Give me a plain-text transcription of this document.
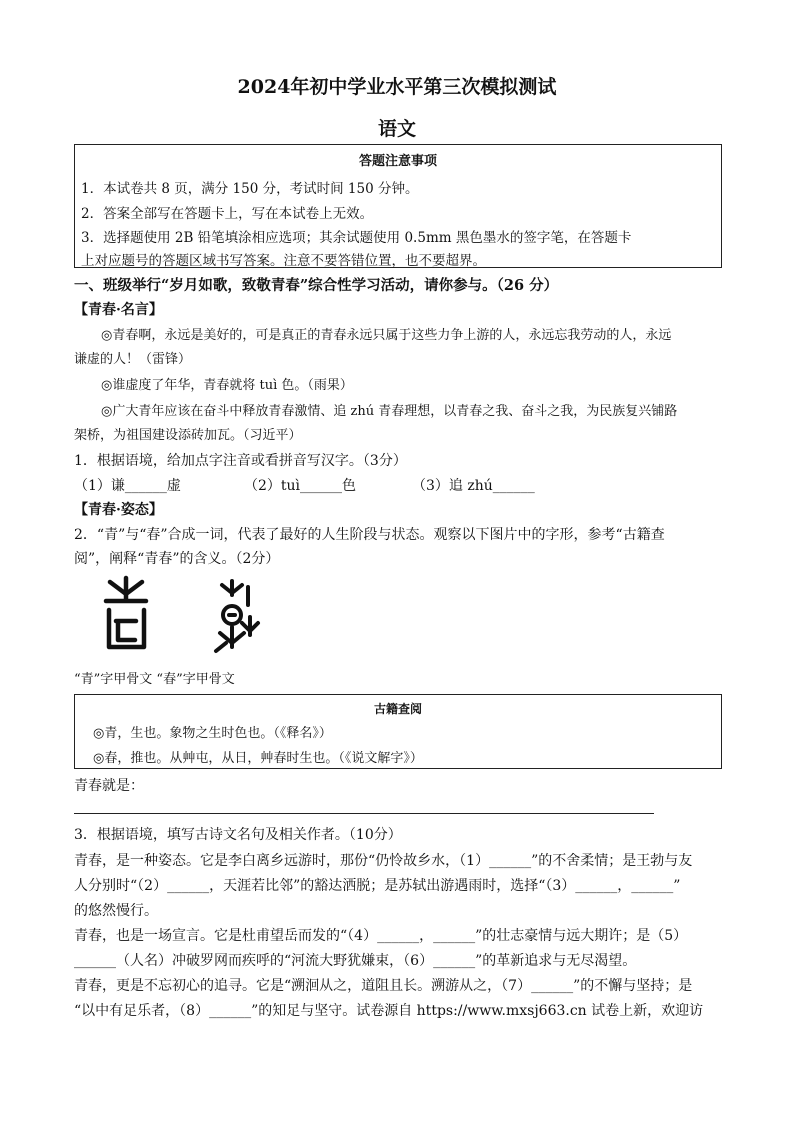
2024年初中学业水平第三次模拟测试
语文
答题注意事项
1．本试卷共 8 页，满分 150 分，考试时间 150 分钟。
2．答案全部写在答题卡上，写在本试卷上无效。
3．选择题使用 2B 铅笔填涂相应选项；其余试题使用 0.5mm 黑色墨水的签字笔，在答题卡
上对应题号的答题区域书写答案。注意不要答错位置，也不要超界。
一、班级举行“岁月如歌，致敬青春”综合性学习活动，请你参与。（26 分）
【青春·名言】
◎青春啊，永远是美好的，可是真正的青春永远只属于这些力争上游的人，永远忘我劳动的人，永远
谦虚的人！（雷锋）
◎谁虚度了年华，青春就将 tuì 色。（雨果）
◎广大青年应该在奋斗中释放青春激情、追 zhú 青春理想，以青春之我、奋斗之我，为民族复兴铺路
架桥，为祖国建设添砖加瓦。（习近平）
1．根据语境，给加点字注音或看拼音写汉字。（3分）
（1）谦______虚	（2）tuì______色	（3）追 zhú______
【青春·姿态】
2．“青”与“春”合成一词，代表了最好的人生阶段与状态。观察以下图片中的字形，参考“古籍查
阅”，阐释“青春”的含义。（2分）
“青”字甲骨文 “春”字甲骨文
古籍查阅
◎青，生也。象物之生时色也。（《释名》）
◎春，推也。从艸屯，从日，艸春时生也。（《说文解字》）
青春就是：
3．根据语境，填写古诗文名句及相关作者。（10分）
青春，是一种姿态。它是李白离乡远游时，那份“仍怜故乡水，（1）______”的不舍柔情；是王勃与友
人分别时“（2）______，天涯若比邻”的豁达洒脱；是苏轼出游遇雨时，选择“（3）______，______”
的悠然慢行。
青春，也是一场宣言。它是杜甫望岳而发的“（4）______，______”的壮志豪情与远大期许；是（5）
______（人名）冲破罗网而疾呼的“河流大野犹嫌束，（6）______”的革新追求与无尽渴望。
青春，更是不忘初心的追寻。它是“溯洄从之，道阻且长。溯游从之，（7）______”的不懈与坚持；是
“以中有足乐者，（8）______”的知足与坚守。试卷源自 https://www.mxsj663.cn 试卷上新，欢迎访
